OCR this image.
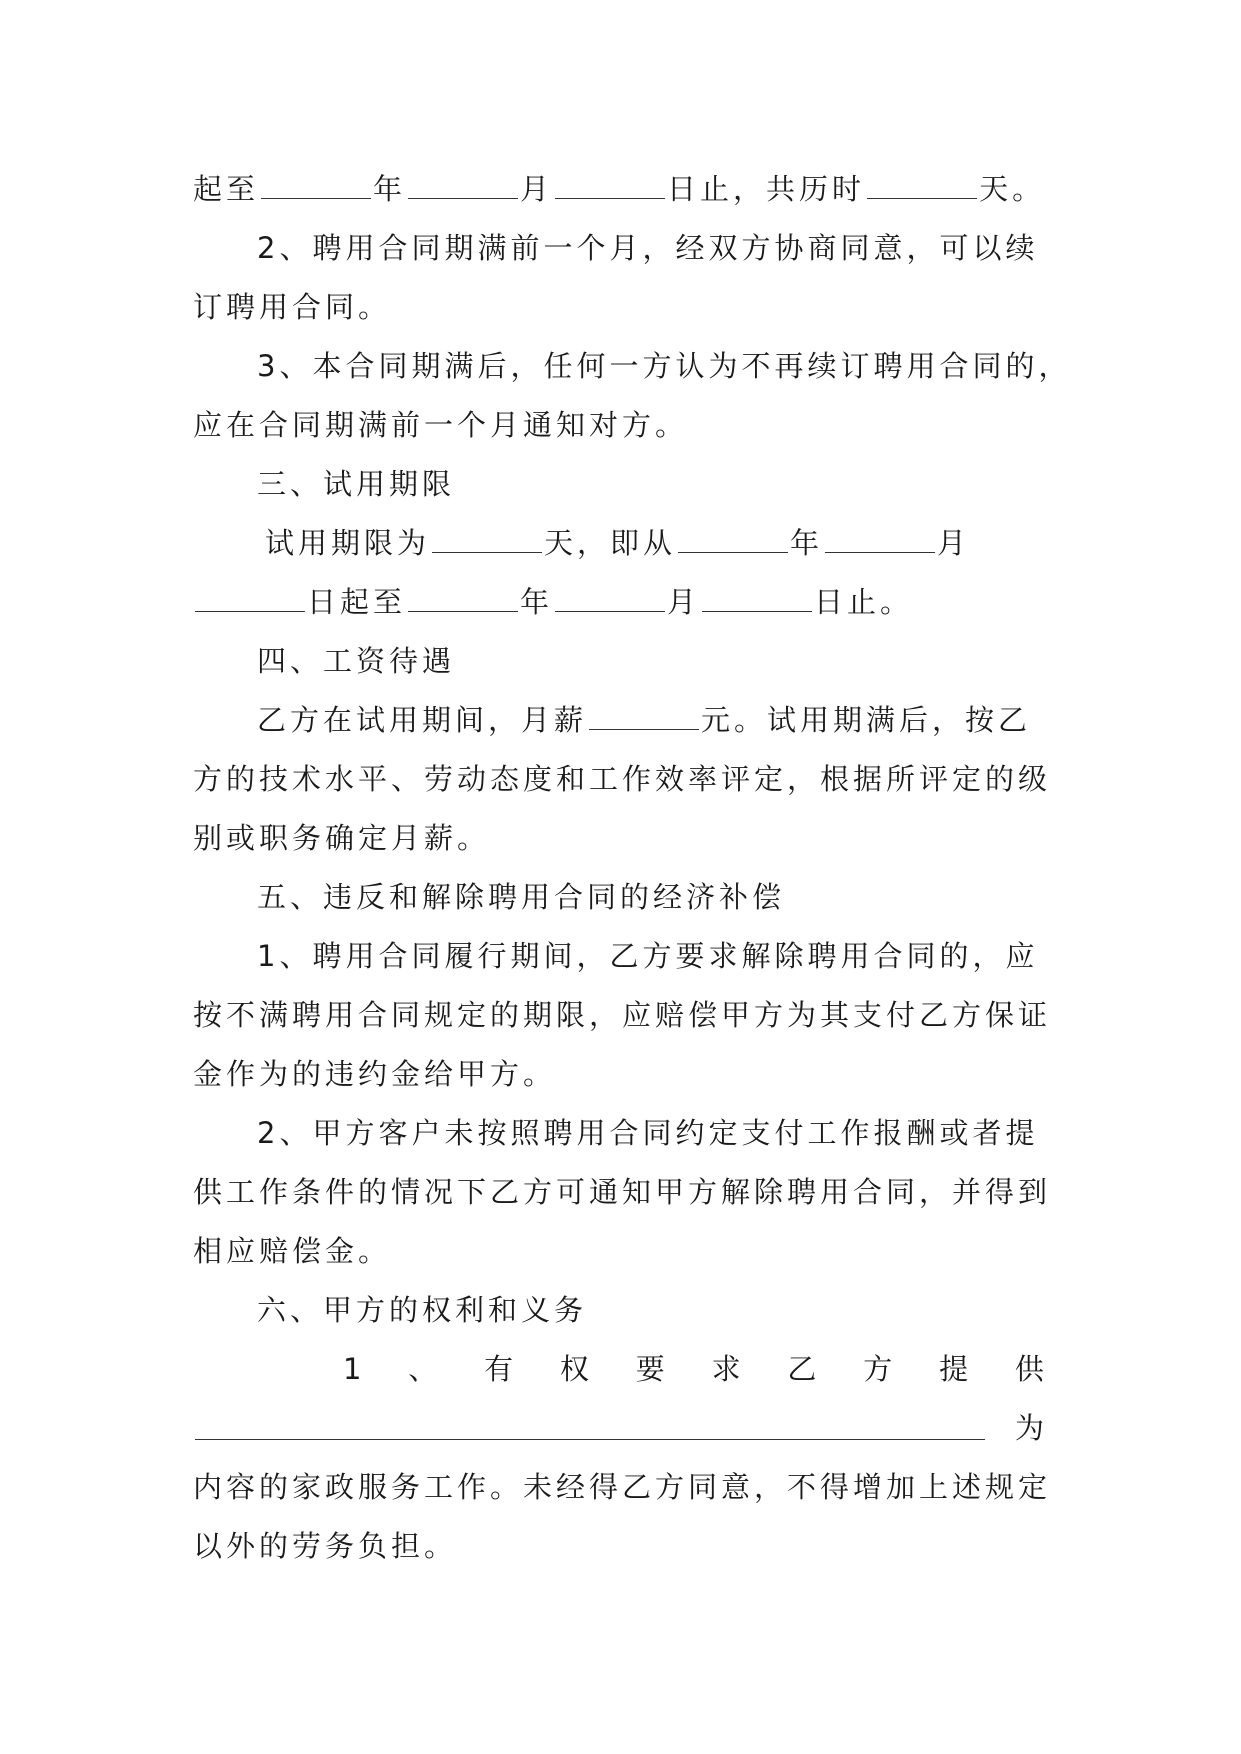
起至	年	月	日止，共历时	天。
2、聘用合同期满前一个月，经双方协商同意，可以续
订聘用合同。
3、本合同期满后，任何一方认为不再续订聘用合同的，
应在合同期满前一个月通知对方。
三、试用期限
试用期限为	天，即从	年	月
日起至	年	月	日止。
四、工资待遇
乙方在试用期间，月薪	元。试用期满后，按乙
方的技术水平、劳动态度和工作效率评定，根据所评定的级
别或职务确定月薪。
五、违反和解除聘用合同的经济补偿
1、聘用合同履行期间，乙方要求解除聘用合同的，应
按不满聘用合同规定的期限，应赔偿甲方为其支付乙方保证
金作为的违约金给甲方。
2、甲方客户未按照聘用合同约定支付工作报酬或者提
供工作条件的情况下乙方可通知甲方解除聘用合同，并得到
相应赔偿金。
六、甲方的权利和义务
1 、 有 权 要 求 乙 方 提 供
为
内容的家政服务工作。未经得乙方同意，不得增加上述规定
以外的劳务负担。
